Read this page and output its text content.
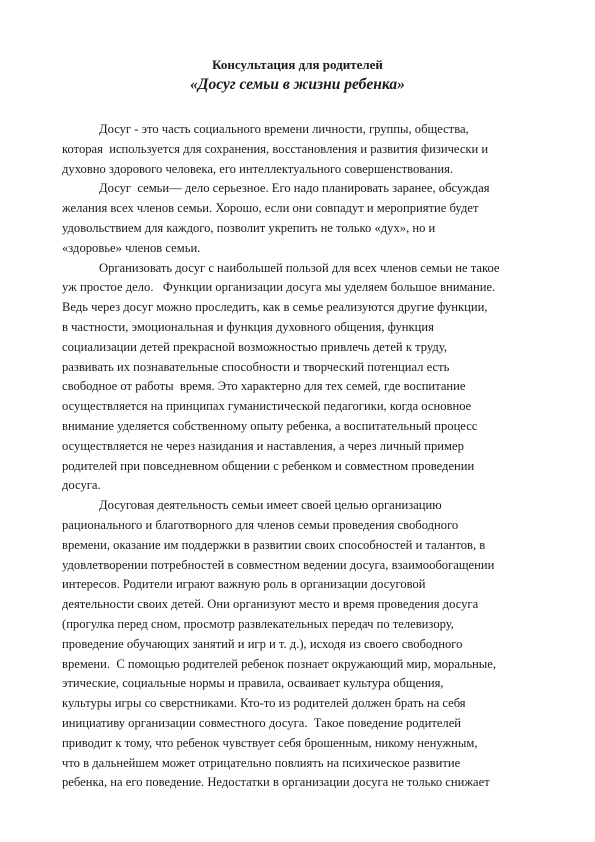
Консультация для родителей
«Досуг семьи в жизни ребенка»
Досуг - это часть социального времени личности, группы, общества,
которая  используется для сохранения, восстановления и развития физически и
духовно здорового человека, его интеллектуального совершенствования.
Досуг  семьи— дело серьезное. Его надо планировать заранее, обсуждая
желания всех членов семьи. Хорошо, если они совпадут и мероприятие будет
удовольствием для каждого, позволит укрепить не только «дух», но и
«здоровье» членов семьи.
Организовать досуг с наибольшей пользой для всех членов семьи не такое
уж простое дело.   Функции организации досуга мы уделяем большое внимание.
Ведь через досуг можно проследить, как в семье реализуются другие функции,
в частности, эмоциональная и функция духовного общения, функция
социализации детей прекрасной возможностью привлечь детей к труду,
развивать их познавательные способности и творческий потенциал есть
свободное от работы  время. Это характерно для тех семей, где воспитание
осуществляется на принципах гуманистической педагогики, когда основное
внимание уделяется собственному опыту ребенка, а воспитательный процесс
осуществляется не через назидания и наставления, а через личный пример
родителей при повседневном общении с ребенком и совместном проведении
досуга.
Досуговая деятельность семьи имеет своей целью организацию
рационального и благотворного для членов семьи проведения свободного
времени, оказание им поддержки в развитии своих способностей и талантов, в
удовлетворении потребностей в совместном ведении досуга, взаимообогащении
интересов. Родители играют важную роль в организации досуговой
деятельности своих детей. Они организуют место и время проведения досуга
(прогулка перед сном, просмотр развлекательных передач по телевизору,
проведение обучающих занятий и игр и т. д.), исходя из своего свободного
времени.  С помощью родителей ребенок познает окружающий мир, моральные,
этические, социальные нормы и правила, осваивает культура общения,
культуры игры со сверстниками. Кто-то из родителей должен брать на себя
инициативу организации совместного досуга.  Такое поведение родителей
приводит к тому, что ребенок чувствует себя брошенным, никому ненужным,
что в дальнейшем может отрицательно повлиять на психическое развитие
ребенка, на его поведение. Недостатки в организации досуга не только снижает
